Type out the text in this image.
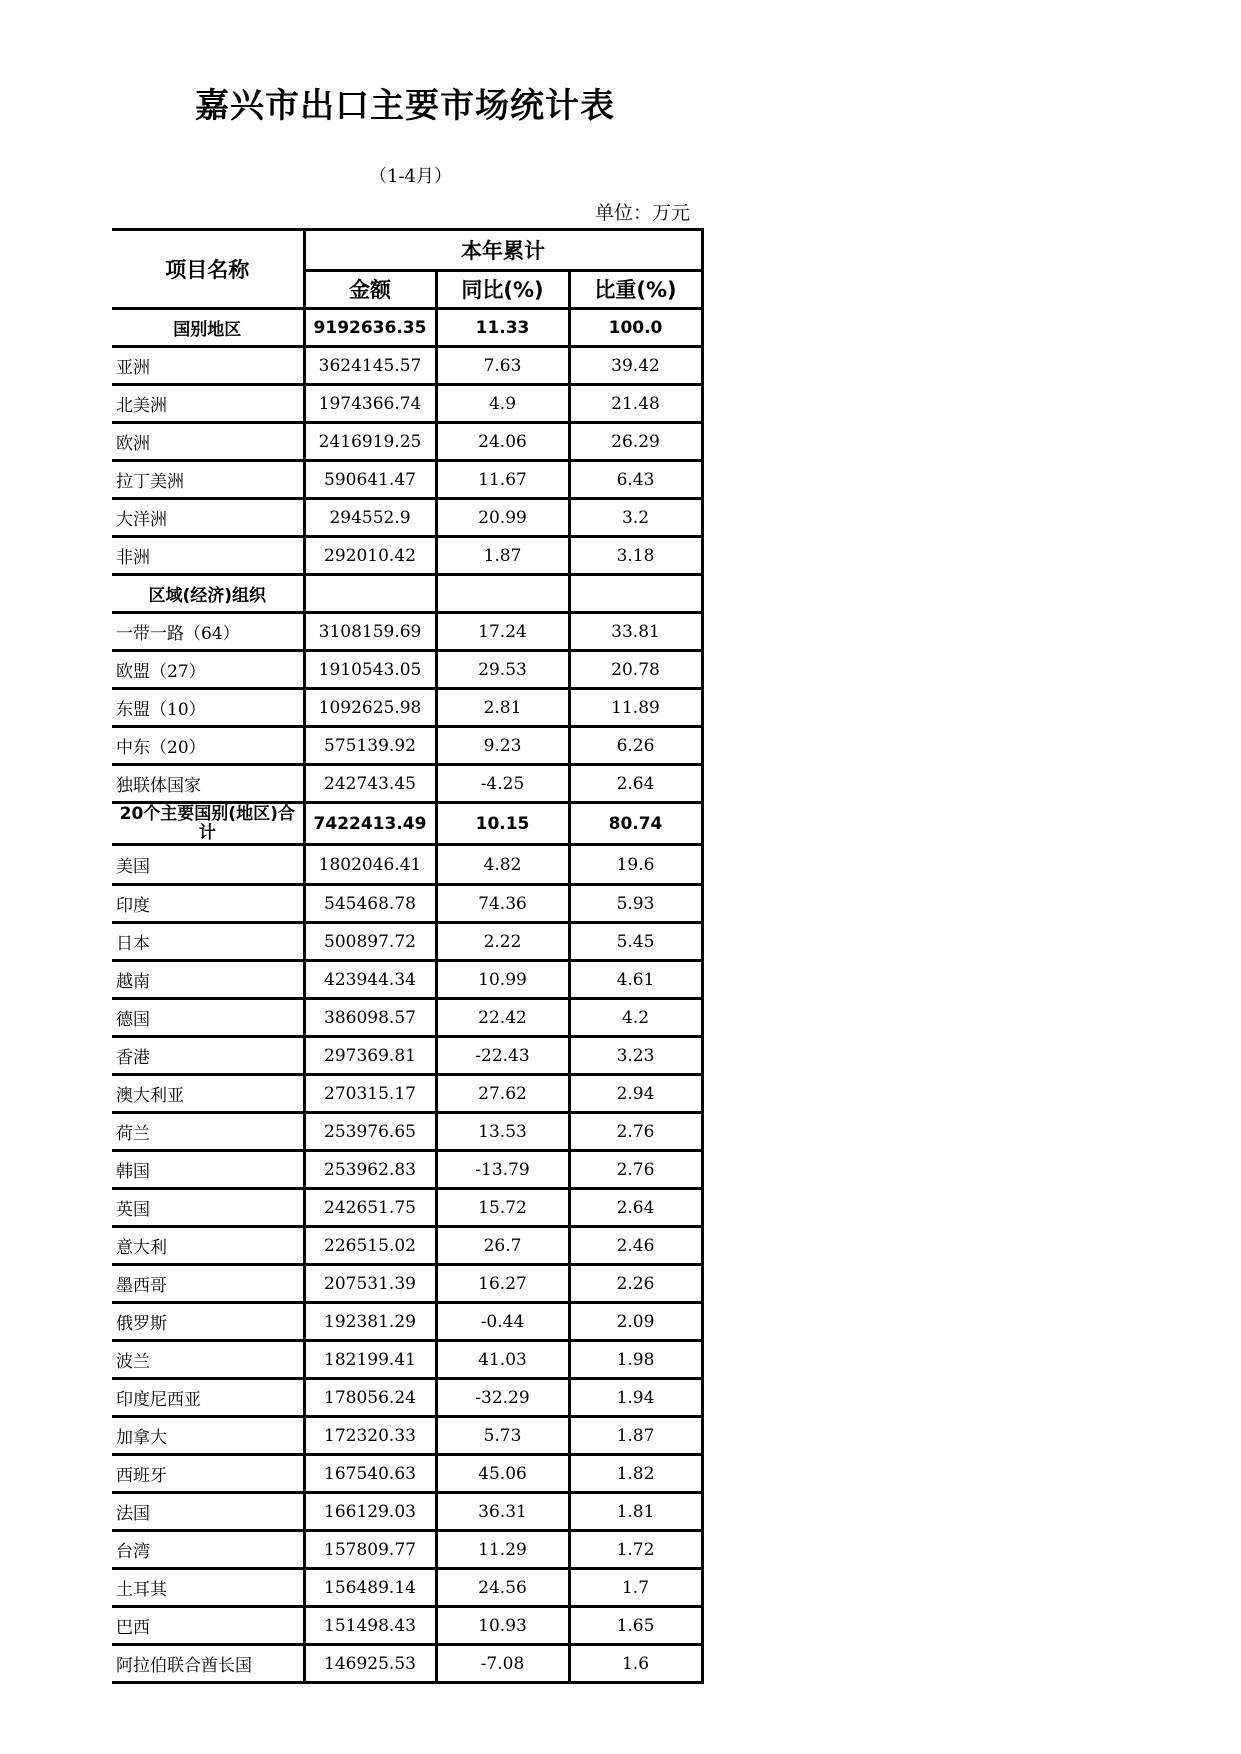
嘉兴市出口主要市场统计表
（1-4月）
单位：万元
项目名称	本年累计		
	金额	同比(%)	比重(%)
国别地区	9192636.35	11.33	100.0
亚洲	3624145.57	7.63	39.42
北美洲	1974366.74	4.9	21.48
欧洲	2416919.25	24.06	26.29
拉丁美洲	590641.47	11.67	6.43
大洋洲	294552.9	20.99	3.2
非洲	292010.42	1.87	3.18
区域(经济)组织			
一带一路（64）	3108159.69	17.24	33.81
欧盟（27）	1910543.05	29.53	20.78
东盟（10）	1092625.98	2.81	11.89
中东（20）	575139.92	9.23	6.26
独联体国家	242743.45	-4.25	2.64
20个主要国别(地区)合计	7422413.49	10.15	80.74
美国	1802046.41	4.82	19.6
印度	545468.78	74.36	5.93
日本	500897.72	2.22	5.45
越南	423944.34	10.99	4.61
德国	386098.57	22.42	4.2
香港	297369.81	-22.43	3.23
澳大利亚	270315.17	27.62	2.94
荷兰	253976.65	13.53	2.76
韩国	253962.83	-13.79	2.76
英国	242651.75	15.72	2.64
意大利	226515.02	26.7	2.46
墨西哥	207531.39	16.27	2.26
俄罗斯	192381.29	-0.44	2.09
波兰	182199.41	41.03	1.98
印度尼西亚	178056.24	-32.29	1.94
加拿大	172320.33	5.73	1.87
西班牙	167540.63	45.06	1.82
法国	166129.03	36.31	1.81
台湾	157809.77	11.29	1.72
土耳其	156489.14	24.56	1.7
巴西	151498.43	10.93	1.65
阿拉伯联合酋长国	146925.53	-7.08	1.6
